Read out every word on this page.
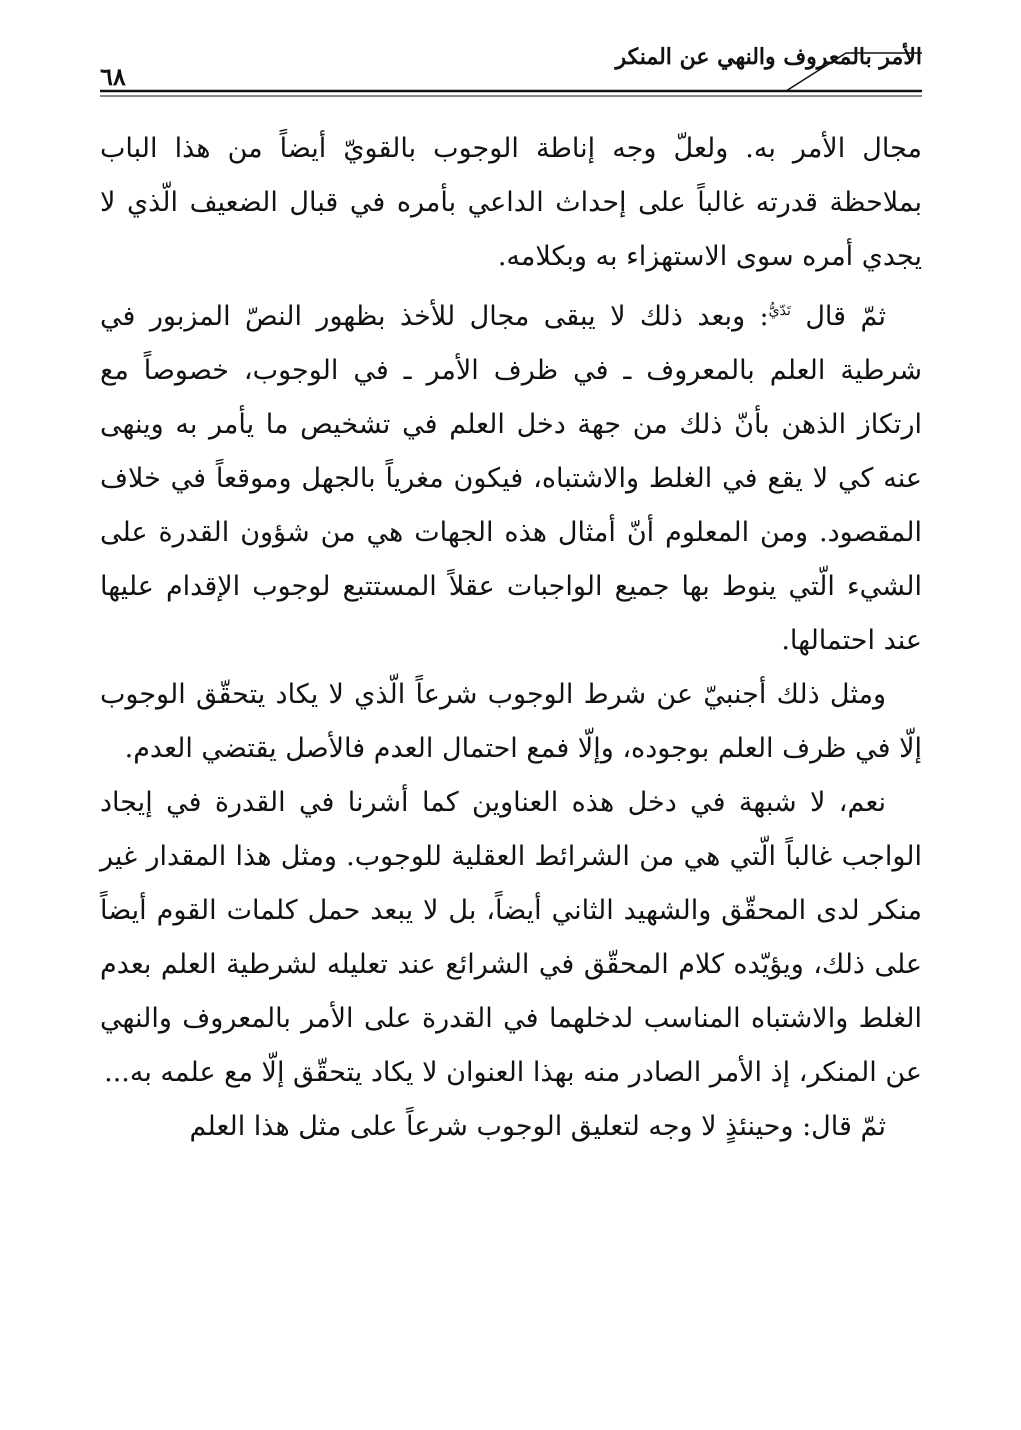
الأمر بالمعروف والنهي عن المنكر
٦٨

مجال الأمر به. ولعلّ وجه إناطة الوجوب بالقويّ أيضاً من هذا الباب بملاحظة قدرته غالباً على إحداث الداعي بأمره في قبال الضعيف الّذي لا يجدي أمره سوى الاستهزاء به وبكلامه.

ثمّ قال $^{تَدّيُّ}$: وبعد ذلك لا يبقى مجال للأخذ بظهور النصّ المزبور في شرطية العلم بالمعروف ـ في ظرف الأمر ـ في الوجوب، خصوصاً مع ارتكاز الذهن بأنّ ذلك من جهة دخل العلم في تشخيص ما يأمر به وينهى عنه كي لا يقع في الغلط والاشتباه، فيكون مغرياً بالجهل وموقعاً في خلاف المقصود. ومن المعلوم أنّ أمثال هذه الجهات هي من شؤون القدرة على الشيء الّتي ينوط بها جميع الواجبات عقلاً المستتبع لوجوب الإقدام عليها عند احتمالها.

ومثل ذلك أجنبيّ عن شرط الوجوب شرعاً الّذي لا يكاد يتحقّق الوجوب إلّا في ظرف العلم بوجوده، وإلّا فمع احتمال العدم فالأصل يقتضي العدم.

نعم، لا شبهة في دخل هذه العناوين كما أشرنا في القدرة في إيجاد الواجب غالباً الّتي هي من الشرائط العقلية للوجوب. ومثل هذا المقدار غير منكر لدى المحقّق والشهيد الثاني أيضاً، بل لا يبعد حمل كلمات القوم أيضاً على ذلك، ويؤيّده كلام المحقّق في الشرائع عند تعليله لشرطية العلم بعدم الغلط والاشتباه المناسب لدخلهما في القدرة على الأمر بالمعروف والنهي عن المنكر، إذ الأمر الصادر منه بهذا العنوان لا يكاد يتحقّق إلّا مع علمه به...

ثمّ قال: وحينئذٍ لا وجه لتعليق الوجوب شرعاً على مثل هذا العلم
